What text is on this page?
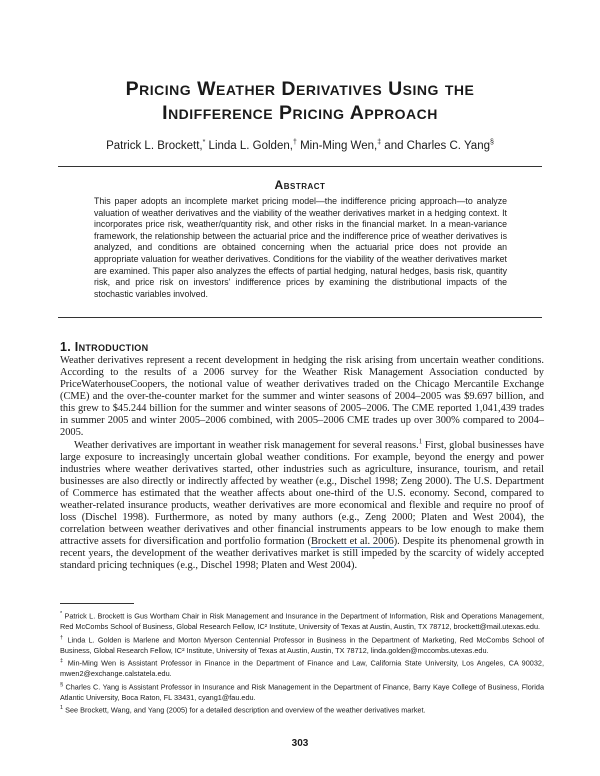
Pricing Weather Derivatives Using the
Indifference Pricing Approach
Patrick L. Brockett,* Linda L. Golden,† Min-Ming Wen,‡ and Charles C. Yang§
Abstract

This paper adopts an incomplete market pricing model—the indifference pricing approach—to analyze valuation of weather derivatives and the viability of the weather derivatives market in a hedging context. It incorporates price risk, weather/quantity risk, and other risks in the financial market. In a mean-variance framework, the relationship between the actuarial price and the indifference price of weather derivatives is analyzed, and conditions are obtained concerning when the actuarial price does not provide an appropriate valuation for weather derivatives. Conditions for the viability of the weather derivatives market are examined. This paper also analyzes the effects of partial hedging, natural hedges, basis risk, quantity risk, and price risk on investors' indifference prices by examining the distributional impacts of the stochastic variables involved.

1. Introduction

Weather derivatives represent a recent development in hedging the risk arising from uncertain weather conditions. According to the results of a 2006 survey for the Weather Risk Management Association conducted by PriceWaterhouseCoopers, the notional value of weather derivatives traded on the Chicago Mercantile Exchange (CME) and the over-the-counter market for the summer and winter seasons of 2004–2005 was $9.697 billion, and this grew to $45.244 billion for the summer and winter seasons of 2005–2006. The CME reported 1,041,439 trades in summer 2005 and winter 2005–2006 combined, with 2005–2006 CME trades up over 300% compared to 2004–2005.

Weather derivatives are important in weather risk management for several reasons.$^1$ First, global businesses have large exposure to increasingly uncertain global weather conditions. For example, beyond the energy and power industries where weather derivatives started, other industries such as agriculture, insurance, tourism, and retail businesses are also directly or indirectly affected by weather (e.g., Dischel 1998; Zeng 2000). The U.S. Department of Commerce has estimated that the weather affects about one-third of the U.S. economy. Second, compared to weather-related insurance products, weather derivatives are more economical and flexible and require no proof of loss (Dischel 1998). Furthermore, as noted by many authors (e.g., Zeng 2000; Platen and West 2004), the correlation between weather derivatives and other financial instruments appears to be low enough to make them attractive assets for diversification and portfolio formation (Brockett et al. 2006). Despite its phenomenal growth in recent years, the development of the weather derivatives market is still impeded by the scarcity of widely accepted standard pricing techniques (e.g., Dischel 1998; Platen and West 2004).

* Patrick L. Brockett is Gus Wortham Chair in Risk Management and Insurance in the Department of Information, Risk and Operations Management, Red McCombs School of Business, Global Research Fellow, IC² Institute, University of Texas at Austin, Austin, TX 78712, brockett@mail.utexas.edu.

† Linda L. Golden is Marlene and Morton Myerson Centennial Professor in Business in the Department of Marketing, Red McCombs School of Business, Global Research Fellow, IC² Institute, University of Texas at Austin, Austin, TX 78712, linda.golden@mccombs.utexas.edu.

‡ Min-Ming Wen is Assistant Professor in Finance in the Department of Finance and Law, California State University, Los Angeles, CA 90032, mwen2@exchange.calstatela.edu.

§ Charles C. Yang is Assistant Professor in Insurance and Risk Management in the Department of Finance, Barry Kaye College of Business, Florida Atlantic University, Boca Raton, FL 33431, cyang1@fau.edu.

$^1$ See Brockett, Wang, and Yang (2005) for a detailed description and overview of the weather derivatives market.

303
